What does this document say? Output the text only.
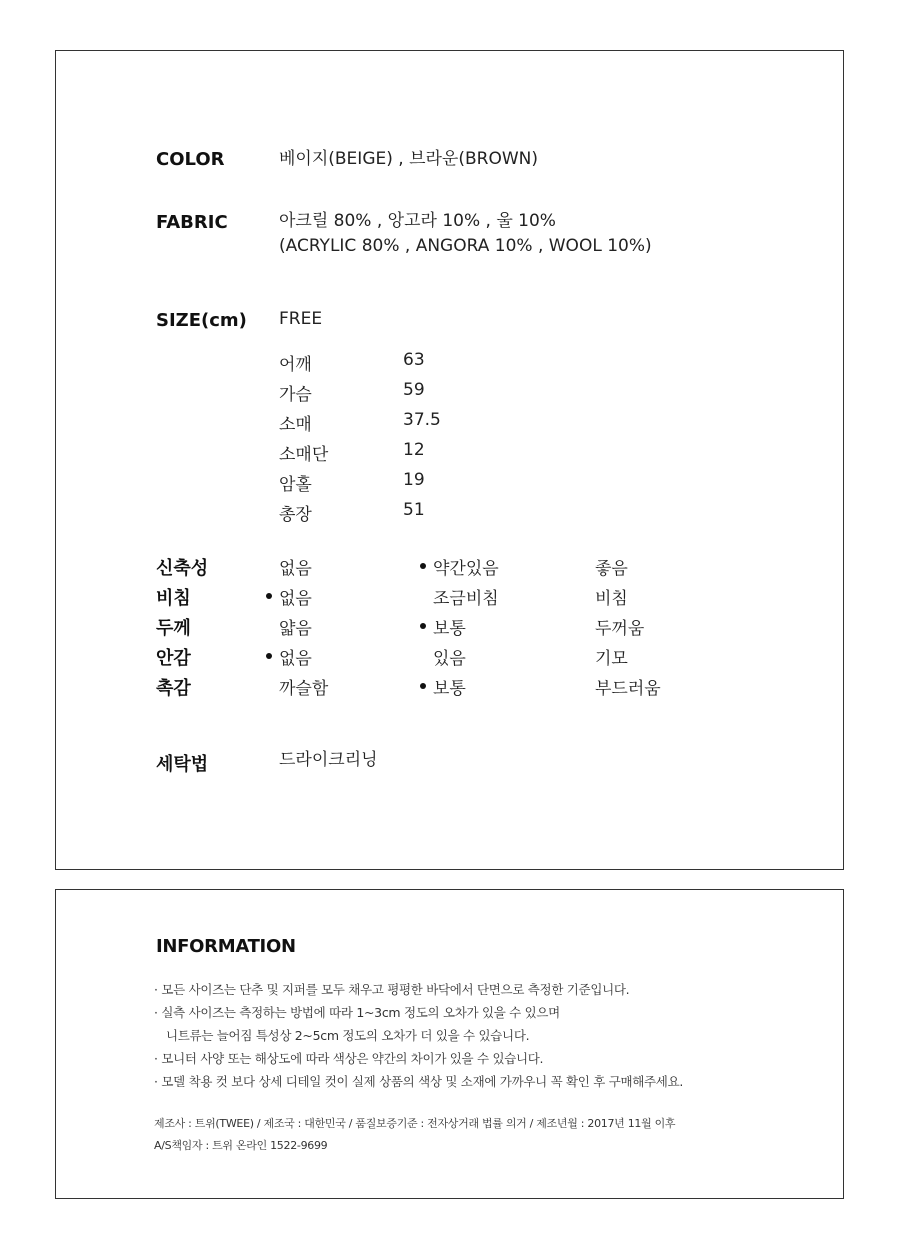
COLOR	베이지(BEIGE) , 브라운(BROWN)
FABRIC	아크릴 80% , 앙고라 10% , 울 10%
(ACRYLIC 80% , ANGORA 10% , WOOL 10%)
SIZE(cm) FREE
어깨	63
가슴	59
소매	37.5
소매단	12
암홀	19
총장	51
신축성	없음	약간있음	좋음
비침	없음	조금비침	비침
두께	얇음	보통	두꺼움
안감	없음	있음	기모
촉감	까슬함	보통	부드러움
세탁법	드라이크리닝
INFORMATION
· 모든 사이즈는 단추 및 지퍼를 모두 채우고 평평한 바닥에서 단면으로 측정한 기준입니다.
· 실측 사이즈는 측정하는 방법에 따라 1~3cm 정도의 오차가 있을 수 있으며
니트류는 늘어짐 특성상 2~5cm 정도의 오차가 더 있을 수 있습니다.
· 모니터 사양 또는 해상도에 따라 색상은 약간의 차이가 있을 수 있습니다.
· 모델 착용 컷 보다 상세 디테일 컷이 실제 상품의 색상 및 소재에 가까우니 꼭 확인 후 구매해주세요.
제조사 : 트위(TWEE) / 제조국 : 대한민국 / 품질보증기준 : 전자상거래 법률 의거 / 제조년월 : 2017년 11월 이후
A/S책임자 : 트위 온라인 1522-9699
